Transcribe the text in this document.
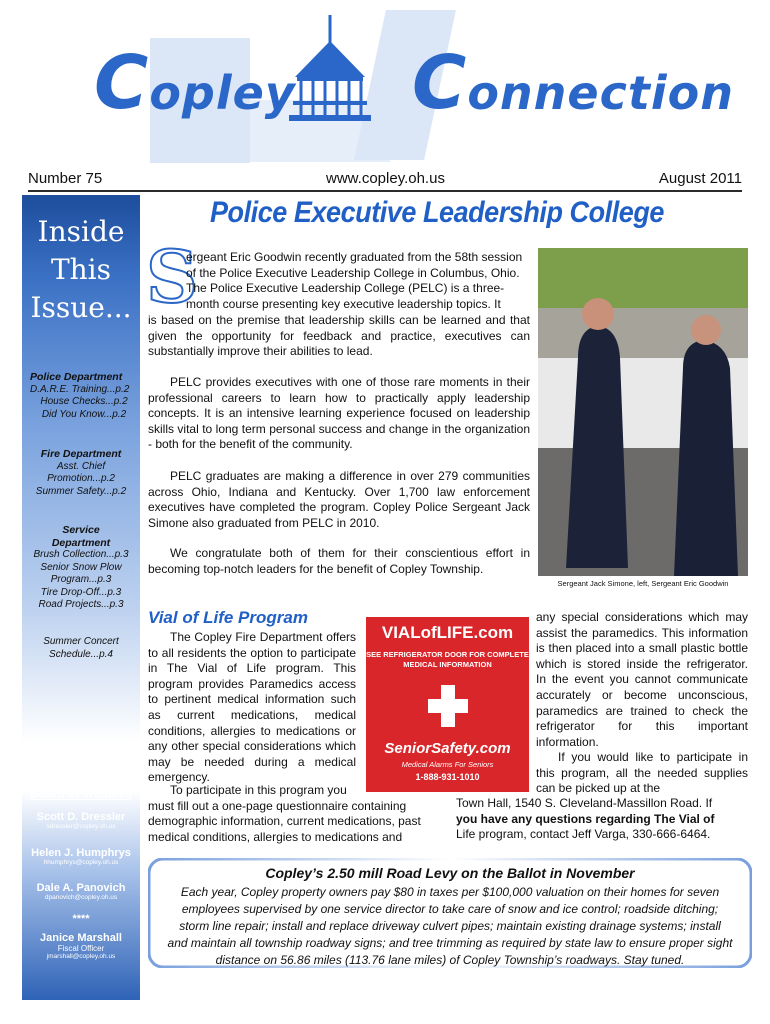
Copley Connection
Number 75	www.copley.oh.us	August 2011
Inside
This
Issue...
Police Department
D.A.R.E. Training...p.2
House Checks...p.2
Did You Know...p.2
Fire Department
Asst. Chief
Promotion...p.2
Summer Safety...p.2
Service
Department
Brush Collection...p.3
Senior Snow Plow
Program...p.3
Tire Drop-Off...p.3
Road Projects...p.3
Summer Concert
Schedule...p.4
Board of Trustees
Scott D. Dressler
sdressler@copley.oh.us
Helen J. Humphrys
hhumphrys@copley.oh.us
Dale A. Panovich
dpanovich@copley.oh.us
****
Janice Marshall
Fiscal Officer
jmarshall@copley.oh.us
Police Executive Leadership College
S
ergeant Eric Goodwin recently graduated from the 58th session
of the Police Executive Leadership College in Columbus, Ohio.
The Police Executive Leadership College (PELC) is a three-
month course presenting key executive leadership topics. It
is based on the premise that leadership skills can be learned and that given the opportunity for feedback and practice, executives can substantially improve their abilities to lead.
PELC provides executives with one of those rare moments in their professional careers to learn how to practically apply leadership concepts. It is an intensive learning experience focused on leadership skills vital to long term personal success and change in the organization - both for the benefit of the community.
PELC graduates are making a difference in over 279 communities across Ohio, Indiana and Kentucky. Over 1,700 law enforcement executives have completed the program. Copley Police Sergeant Jack Simone also graduated from PELC in 2010.
We congratulate both of them for their conscientious effort in becoming top-notch leaders for the benefit of Copley Township.
Sergeant Jack Simone, left, Sergeant Eric Goodwin
Vial of Life Program
The Copley Fire Department offers to all residents the option to participate in The Vial of Life program. This program provides Paramedics access to pertinent medical information such as current medications, medical conditions, allergies to medications or any other special considerations which may be needed during a medical emergency.
To participate in this program you
must fill out a one-page questionnaire containing
demographic information, current medications, past
medical conditions, allergies to medications and
VIALofLIFE.com
SEE REFRIGERATOR DOOR FOR COMPLETE MEDICAL INFORMATION
SeniorSafety.com
Medical Alarms For Seniors
1-888-931-1010
any special considerations which may assist the paramedics. This information is then placed into a small plastic bottle which is stored inside the refrigerator. In the event you cannot communicate accurately or become unconscious, paramedics are trained to check the refrigerator for this important information.
If you would like to participate in this program, all the needed supplies can be picked up at the
Town Hall, 1540 S. Cleveland-Massillon Road. If
you have any questions regarding The Vial of
Life program, contact Jeff Varga, 330-666-6464.
Copley’s 2.50 mill Road Levy on the Ballot in November
Each year, Copley property owners pay $80 in taxes per $100,000 valuation on their homes for seven
employees supervised by one service director to take care of snow and ice control; roadside ditching;
storm line repair; install and replace driveway culvert pipes; maintain existing drainage systems; install
and maintain all township roadway signs; and tree trimming as required by state law to ensure proper sight
distance on 56.86 miles (113.76 lane miles) of Copley Township’s roadways. Stay tuned.
